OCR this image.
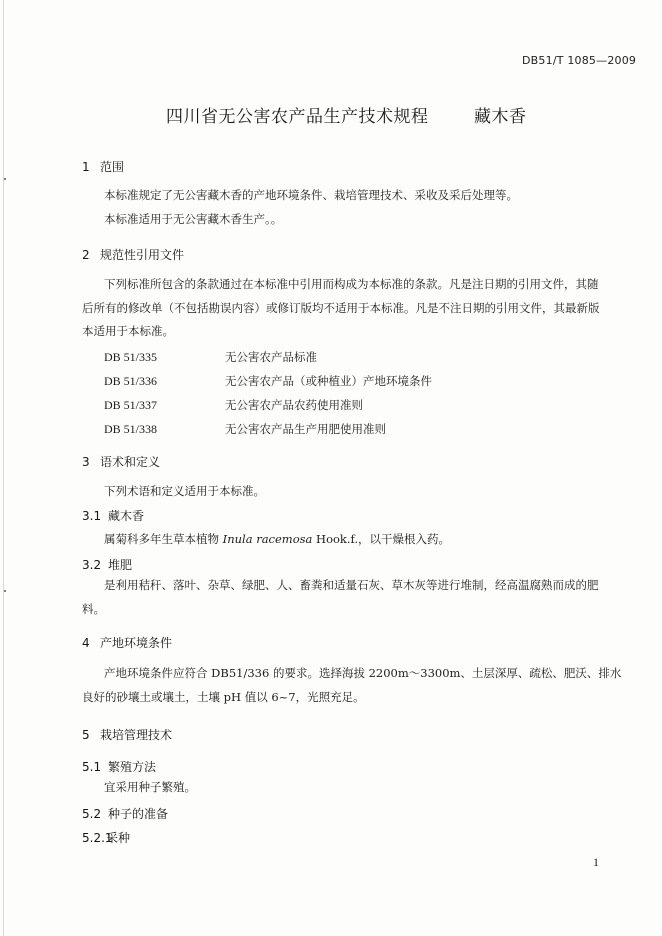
DB51/T 1085—2009
四川省无公害农产品生产技术规程	藏木香
1 范围
本标准规定了无公害藏木香的产地环境条件、栽培管理技术、采收及采后处理等。
本标准适用于无公害藏木香生产。。
2 规范性引用文件
下列标准所包含的条款通过在本标准中引用而构成为本标准的条款。凡是注日期的引用文件，其随
后所有的修改单（不包括勘误内容）或修订版均不适用于本标准。凡是不注日期的引用文件，其最新版
本适用于本标准。
DB 51/335	无公害农产品标准
DB 51/336	无公害农产品（或种植业）产地环境条件
DB 51/337	无公害农产品农药使用准则
DB 51/338	无公害农产品生产用肥使用准则
3 语术和定义
下列术语和定义适用于本标准。
3.1 藏木香
属菊科多年生草本植物 Inula racemosa Hook.f.，以干燥根入药。
3.2 堆肥
是利用秸秆、落叶、杂草、绿肥、人、畜粪和适量石灰、草木灰等进行堆制，经高温腐熟而成的肥
料。
4 产地环境条件
产地环境条件应符合 DB51/336 的要求。选择海拔 2200m～3300m、土层深厚、疏松、肥沃、排水
良好的砂壤土或壤土，土壤 pH 值以 6~7，光照充足。
5 栽培管理技术
5.1 繁殖方法
宜采用种子繁殖。
5.2 种子的准备
5.2.1采种
1
